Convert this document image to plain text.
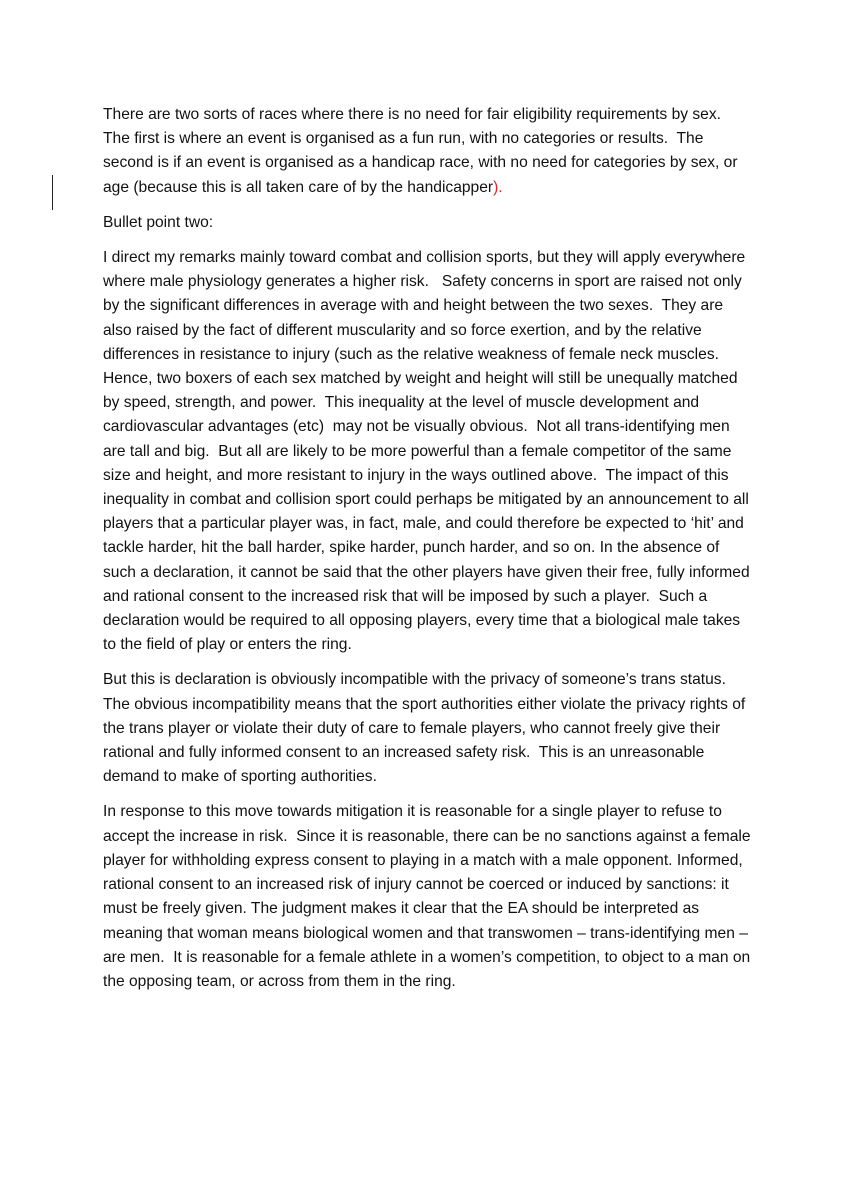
There are two sorts of races where there is no need for fair eligibility requirements by sex.  The first is where an event is organised as a fun run, with no categories or results.  The second is if an event is organised as a handicap race, with no need for categories by sex, or age (because this is all taken care of by the handicapper).

Bullet point two:

I direct my remarks mainly toward combat and collision sports, but they will apply everywhere where male physiology generates a higher risk.   Safety concerns in sport are raised not only by the significant differences in average with and height between the two sexes.  They are also raised by the fact of different muscularity and so force exertion, and by the relative differences in resistance to injury (such as the relative weakness of female neck muscles.  Hence, two boxers of each sex matched by weight and height will still be unequally matched by speed, strength, and power.  This inequality at the level of muscle development and cardiovascular advantages (etc)  may not be visually obvious.  Not all trans-identifying men are tall and big.  But all are likely to be more powerful than a female competitor of the same size and height, and more resistant to injury in the ways outlined above.  The impact of this inequality in combat and collision sport could perhaps be mitigated by an announcement to all players that a particular player was, in fact, male, and could therefore be expected to ‘hit’ and tackle harder, hit the ball harder, spike harder, punch harder, and so on. In the absence of such a declaration, it cannot be said that the other players have given their free, fully informed and rational consent to the increased risk that will be imposed by such a player.  Such a declaration would be required to all opposing players, every time that a biological male takes to the field of play or enters the ring.

But this is declaration is obviously incompatible with the privacy of someone’s trans status.  The obvious incompatibility means that the sport authorities either violate the privacy rights of the trans player or violate their duty of care to female players, who cannot freely give their rational and fully informed consent to an increased safety risk.  This is an unreasonable demand to make of sporting authorities.

In response to this move towards mitigation it is reasonable for a single player to refuse to accept the increase in risk.  Since it is reasonable, there can be no sanctions against a female player for withholding express consent to playing in a match with a male opponent. Informed, rational consent to an increased risk of injury cannot be coerced or induced by sanctions: it must be freely given. The judgment makes it clear that the EA should be interpreted as meaning that woman means biological women and that transwomen – trans-identifying men – are men.  It is reasonable for a female athlete in a women’s competition, to object to a man on the opposing team, or across from them in the ring.
